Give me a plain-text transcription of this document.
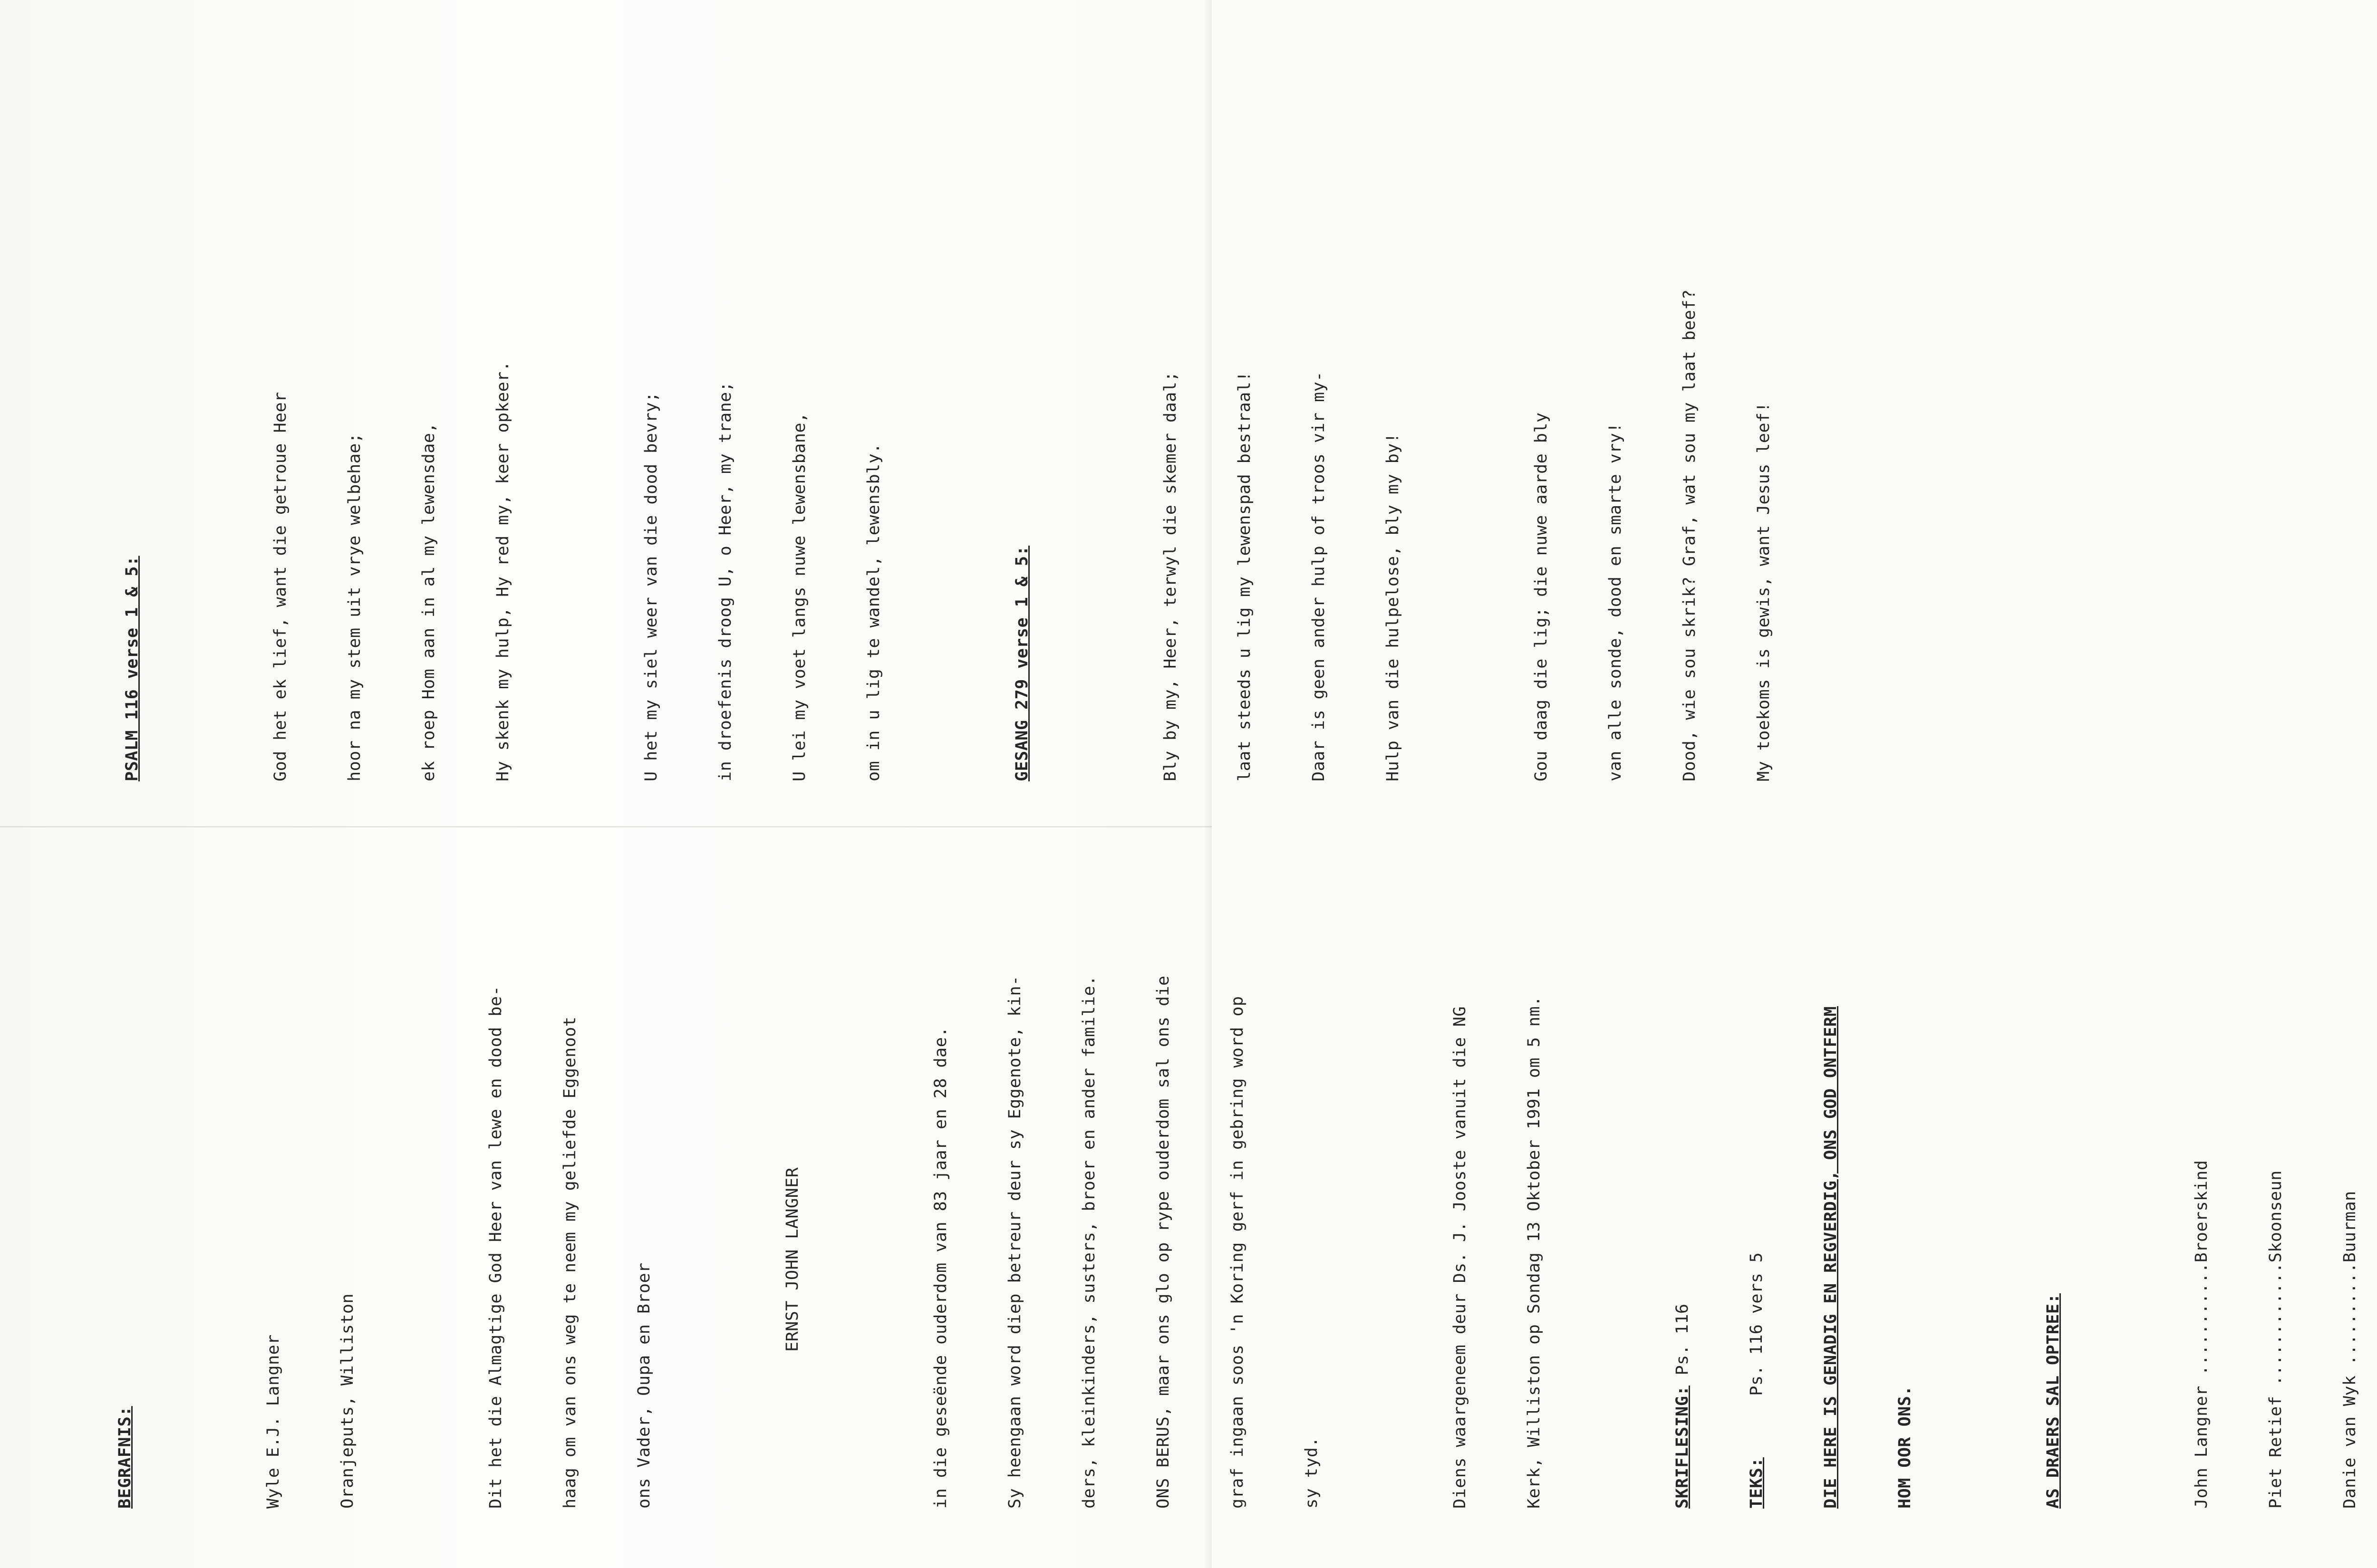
BEGRAFNIS:

	Wyle E.J. Langner

	Oranjeputs, Williston

	Dit het die Almagtige God Heer van lewe en dood be-

	haag om van ons weg te neem my geliefde Eggenoot

	ons Vader, Oupa en Broer

ERNST JOHN LANGNER

	in die geseënde ouderdom van 83 jaar en 28 dae.

	Sy heengaan word diep betreur deur sy Eggenote, kin-

	ders, kleinkinders, susters, broer en ander familie.

	ONS BERUS, maar ons glo op rype ouderdom sal ons die

	graf ingaan soos 'n Koring gerf in gebring word op

	sy tyd.

	Diens waargeneem deur Ds. J. Jooste vanuit die NG

	Kerk, Williston op Sondag 13 Oktober 1991 om 5 nm.

	SKRIFLESING: Ps. 116

TEKS:      Ps. 116 vers 5

	DIE HERE IS GENADIG EN REGVERDIG, ONS GOD ONTFERM

	HOM OOR ONS.

	AS DRAERS SAL OPTREE:

	John Langner ...........Broerskind

	Piet Retief ............Skoonseun

	Danie van Wyk ..........Buurman

PSALM 116 verse 1 & 5:

	God het ek lief, want die getroue Heer

	hoor na my stem uit vrye welbehae;

	ek roep Hom aan in al my lewensdae,

	Hy skenk my hulp, Hy red my, keer opkeer.

	U het my siel weer van die dood bevry;

	in droefenis droog U, o Heer, my trane;

	U lei my voet langs nuwe lewensbane,

	om in u lig te wandel, lewensbly.

	GESANG 279 verse 1 & 5:

	Bly by my, Heer, terwyl die skemer daal;

	laat steeds u lig my lewenspad bestraal!

	Daar is geen ander hulp of troos vir my-

	Hulp van die hulpelose, bly my by!

	Gou daag die lig; die nuwe aarde bly

	van alle sonde, dood en smarte vry!

	Dood, wie sou skrik? Graf, wat sou my laat beef?

	My toekoms is gewis, want Jesus leef!
